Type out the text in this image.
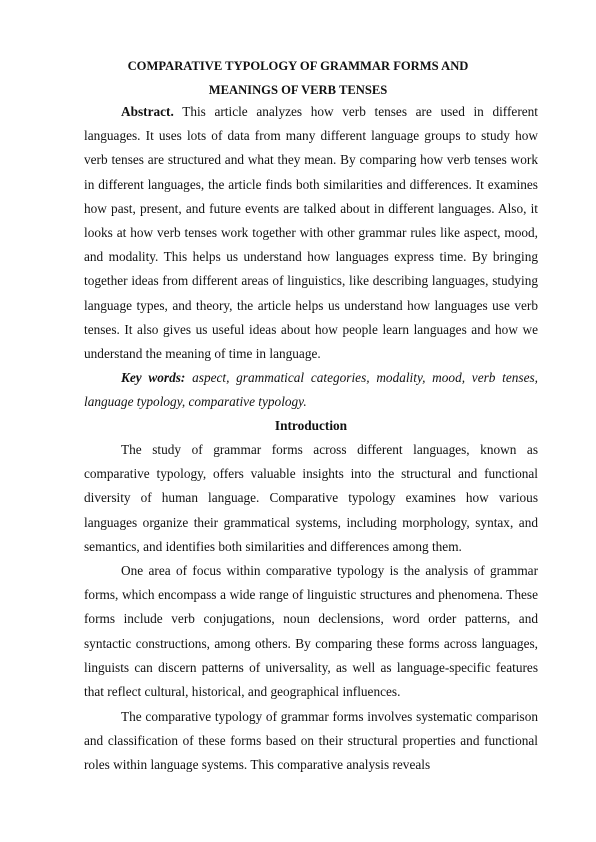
COMPARATIVE TYPOLOGY OF GRAMMAR FORMS AND
MEANINGS OF VERB TENSES

Abstract. This article analyzes how verb tenses are used in different languages. It uses lots of data from many different language groups to study how verb tenses are structured and what they mean. By comparing how verb tenses work in different languages, the article finds both similarities and differences. It examines how past, present, and future events are talked about in different languages. Also, it looks at how verb tenses work together with other grammar rules like aspect, mood, and modality. This helps us understand how languages express time. By bringing together ideas from different areas of linguistics, like describing languages, studying language types, and theory, the article helps us understand how languages use verb tenses. It also gives us useful ideas about how people learn languages and how we understand the meaning of time in language.

Key words: aspect, grammatical categories, modality, mood, verb tenses, language typology, comparative typology.

Introduction

The study of grammar forms across different languages, known as comparative typology, offers valuable insights into the structural and functional diversity of human language. Comparative typology examines how various languages organize their grammatical systems, including morphology, syntax, and semantics, and identifies both similarities and differences among them.

One area of focus within comparative typology is the analysis of grammar forms, which encompass a wide range of linguistic structures and phenomena. These forms include verb conjugations, noun declensions, word order patterns, and syntactic constructions, among others. By comparing these forms across languages, linguists can discern patterns of universality, as well as language-specific features that reflect cultural, historical, and geographical influences.

The comparative typology of grammar forms involves systematic comparison and classification of these forms based on their structural properties and functional roles within language systems. This comparative analysis reveals
